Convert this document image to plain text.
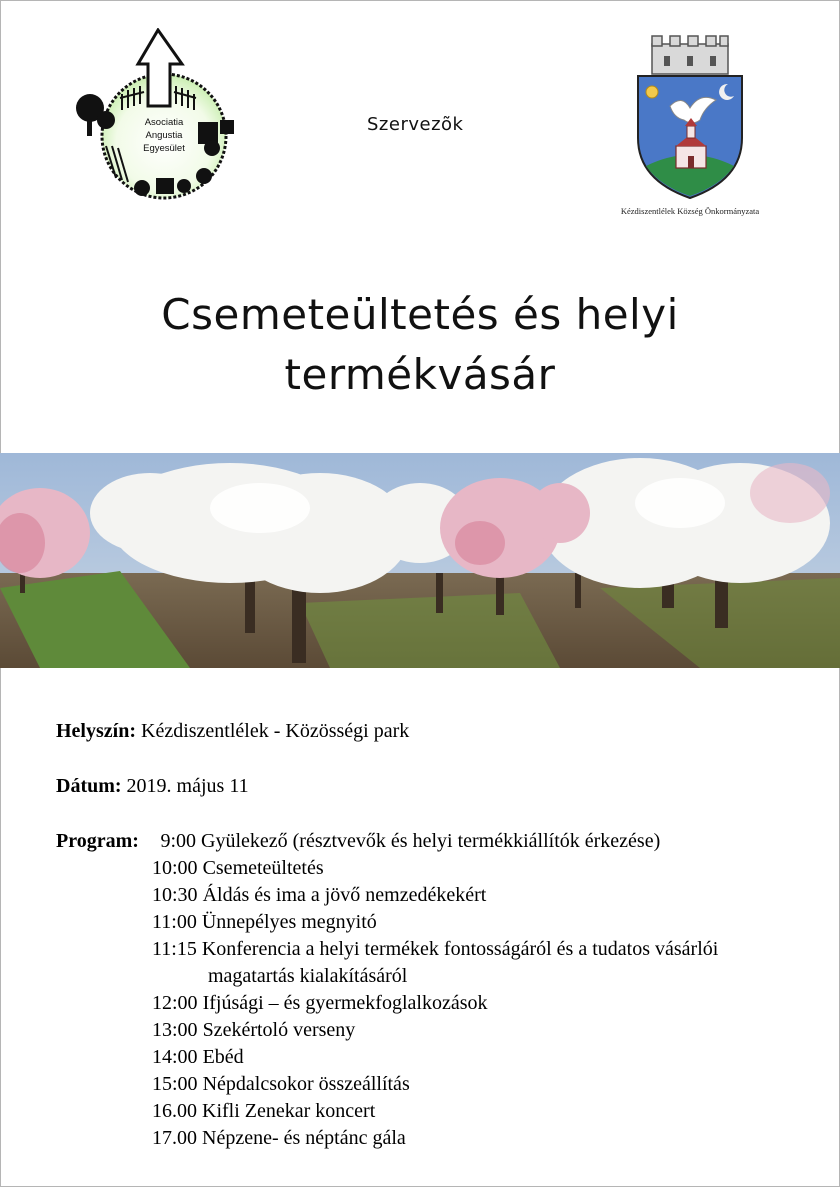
Asociatia
Angustia
Egyesület
Szervezõk
Kézdiszentlélek Község Önkormányzata
Csemeteültetés és helyi
termékvásár
Helyszín: Kézdiszentlélek - Közösségi park
Dátum: 2019. május 11
Program:	9:00 Gyülekező (résztvevők és helyi termékkiállítók érkezése)
10:00 Csemeteültetés
10:30 Áldás és ima a jövő nemzedékekért
11:00 Ünnepélyes megnyitó
11:15 Konferencia a helyi termékek fontosságáról és a tudatos vásárlói
magatartás kialakításáról
12:00 Ifjúsági – és gyermekfoglalkozások
13:00 Szekértoló verseny
14:00 Ebéd
15:00 Népdalcsokor összeállítás
16.00 Kifli Zenekar koncert
17.00 Népzene- és néptánc gála
